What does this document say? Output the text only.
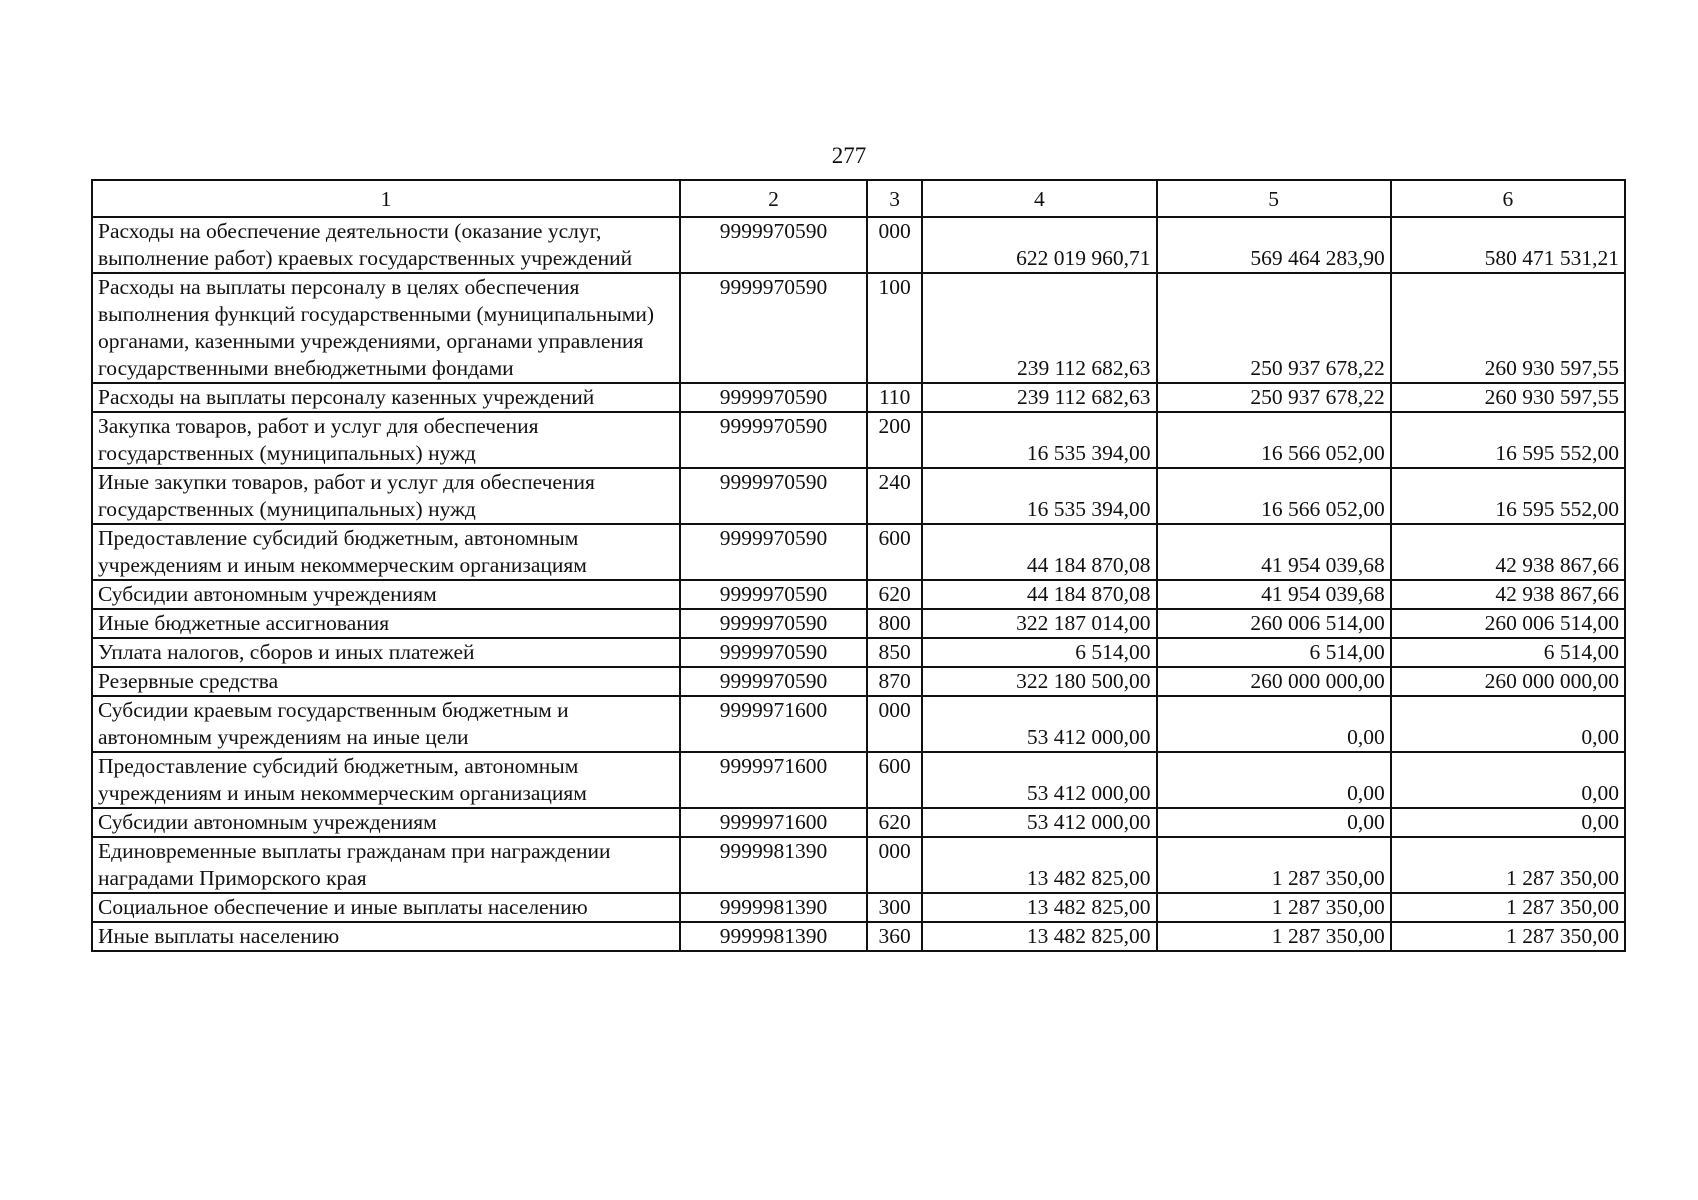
277
1	2	3	4	5	6
Расходы на обеспечение деятельности (оказание услуг, выполнение работ) краевых государственных учреждений	9999970590	000	622 019 960,71	569 464 283,90	580 471 531,21
Расходы на выплаты персоналу в целях обеспечения выполнения функций государственными (муниципальными) органами, казенными учреждениями, органами управления государственными внебюджетными фондами	9999970590	100	239 112 682,63	250 937 678,22	260 930 597,55
Расходы на выплаты персоналу казенных учреждений	9999970590	110	239 112 682,63	250 937 678,22	260 930 597,55
Закупка товаров, работ и услуг для обеспечения государственных (муниципальных) нужд	9999970590	200	16 535 394,00	16 566 052,00	16 595 552,00
Иные закупки товаров, работ и услуг для обеспечения государственных (муниципальных) нужд	9999970590	240	16 535 394,00	16 566 052,00	16 595 552,00
Предоставление субсидий бюджетным, автономным учреждениям и иным некоммерческим организациям	9999970590	600	44 184 870,08	41 954 039,68	42 938 867,66
Субсидии автономным учреждениям	9999970590	620	44 184 870,08	41 954 039,68	42 938 867,66
Иные бюджетные ассигнования	9999970590	800	322 187 014,00	260 006 514,00	260 006 514,00
Уплата налогов, сборов и иных платежей	9999970590	850	6 514,00	6 514,00	6 514,00
Резервные средства	9999970590	870	322 180 500,00	260 000 000,00	260 000 000,00
Субсидии краевым государственным бюджетным и автономным учреждениям на иные цели	9999971600	000	53 412 000,00	0,00	0,00
Предоставление субсидий бюджетным, автономным учреждениям и иным некоммерческим организациям	9999971600	600	53 412 000,00	0,00	0,00
Субсидии автономным учреждениям	9999971600	620	53 412 000,00	0,00	0,00
Единовременные выплаты гражданам при награждении наградами Приморского края	9999981390	000	13 482 825,00	1 287 350,00	1 287 350,00
Социальное обеспечение и иные выплаты населению	9999981390	300	13 482 825,00	1 287 350,00	1 287 350,00
Иные выплаты населению	9999981390	360	13 482 825,00	1 287 350,00	1 287 350,00
